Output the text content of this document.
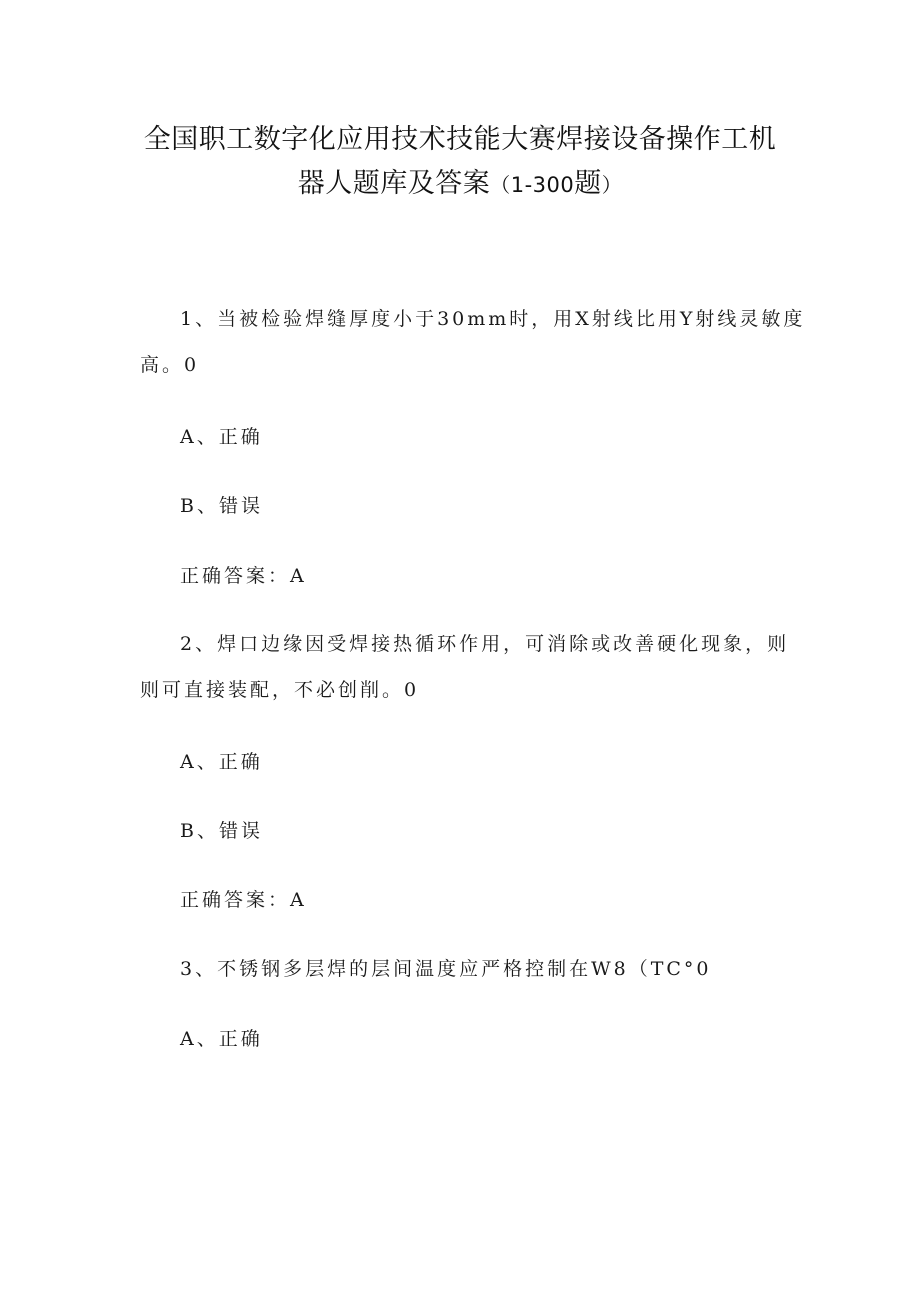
全国职工数字化应用技术技能大赛焊接设备操作工机
器人题库及答案（1-300题）
1、当被检验焊缝厚度小于30mm时，用X射线比用Y射线灵敏度
高。0
A、正确
B、错误
正确答案：A
2、焊口边缘因受焊接热循环作用，可消除或改善硬化现象，则
则可直接装配，不必创削。0
A、正确
B、错误
正确答案：A
3、不锈钢多层焊的层间温度应严格控制在W8（TC°0
A、正确
